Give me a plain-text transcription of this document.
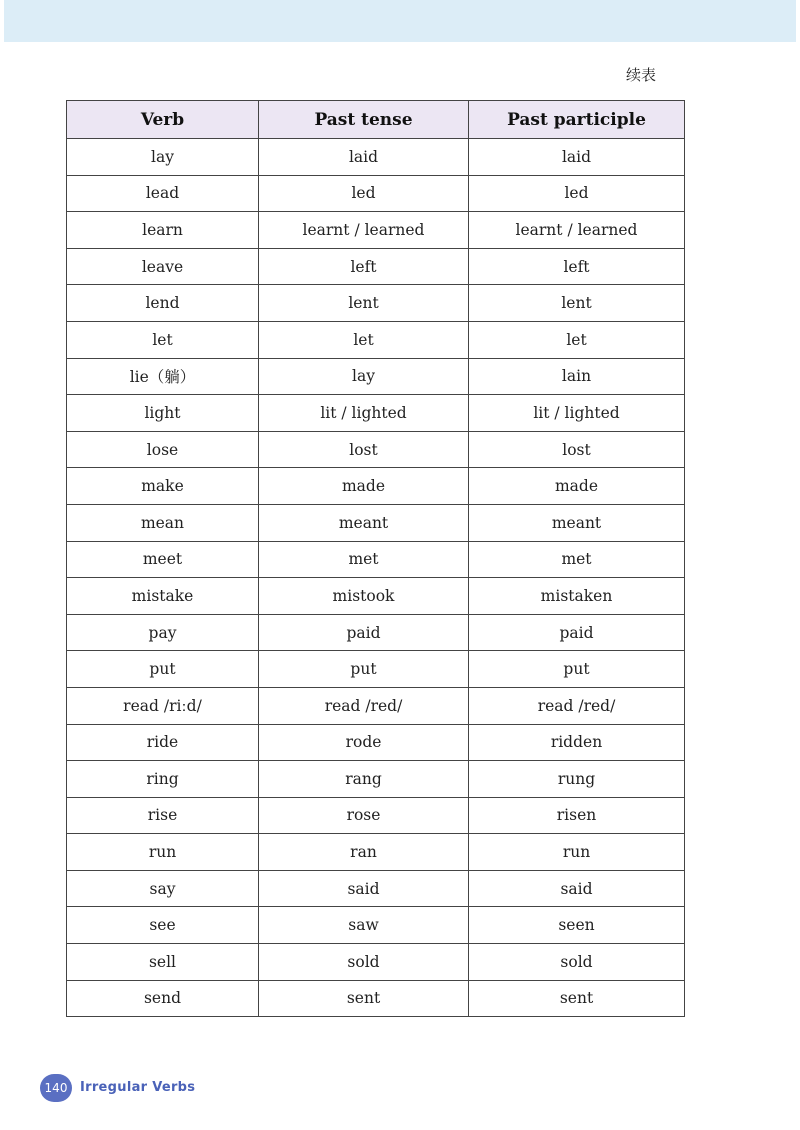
续表
Verb	Past tense	Past participle
lay	laid	laid
lead	led	led
learn	learnt / learned	learnt / learned
leave	left	left
lend	lent	lent
let	let	let
lie（躺）	lay	lain
light	lit / lighted	lit / lighted
lose	lost	lost
make	made	made
mean	meant	meant
meet	met	met
mistake	mistook	mistaken
pay	paid	paid
put	put	put
read /riːd/	read /red/	read /red/
ride	rode	ridden
ring	rang	rung
rise	rose	risen
run	ran	run
say	said	said
see	saw	seen
sell	sold	sold
send	sent	sent
140 Irregular Verbs
